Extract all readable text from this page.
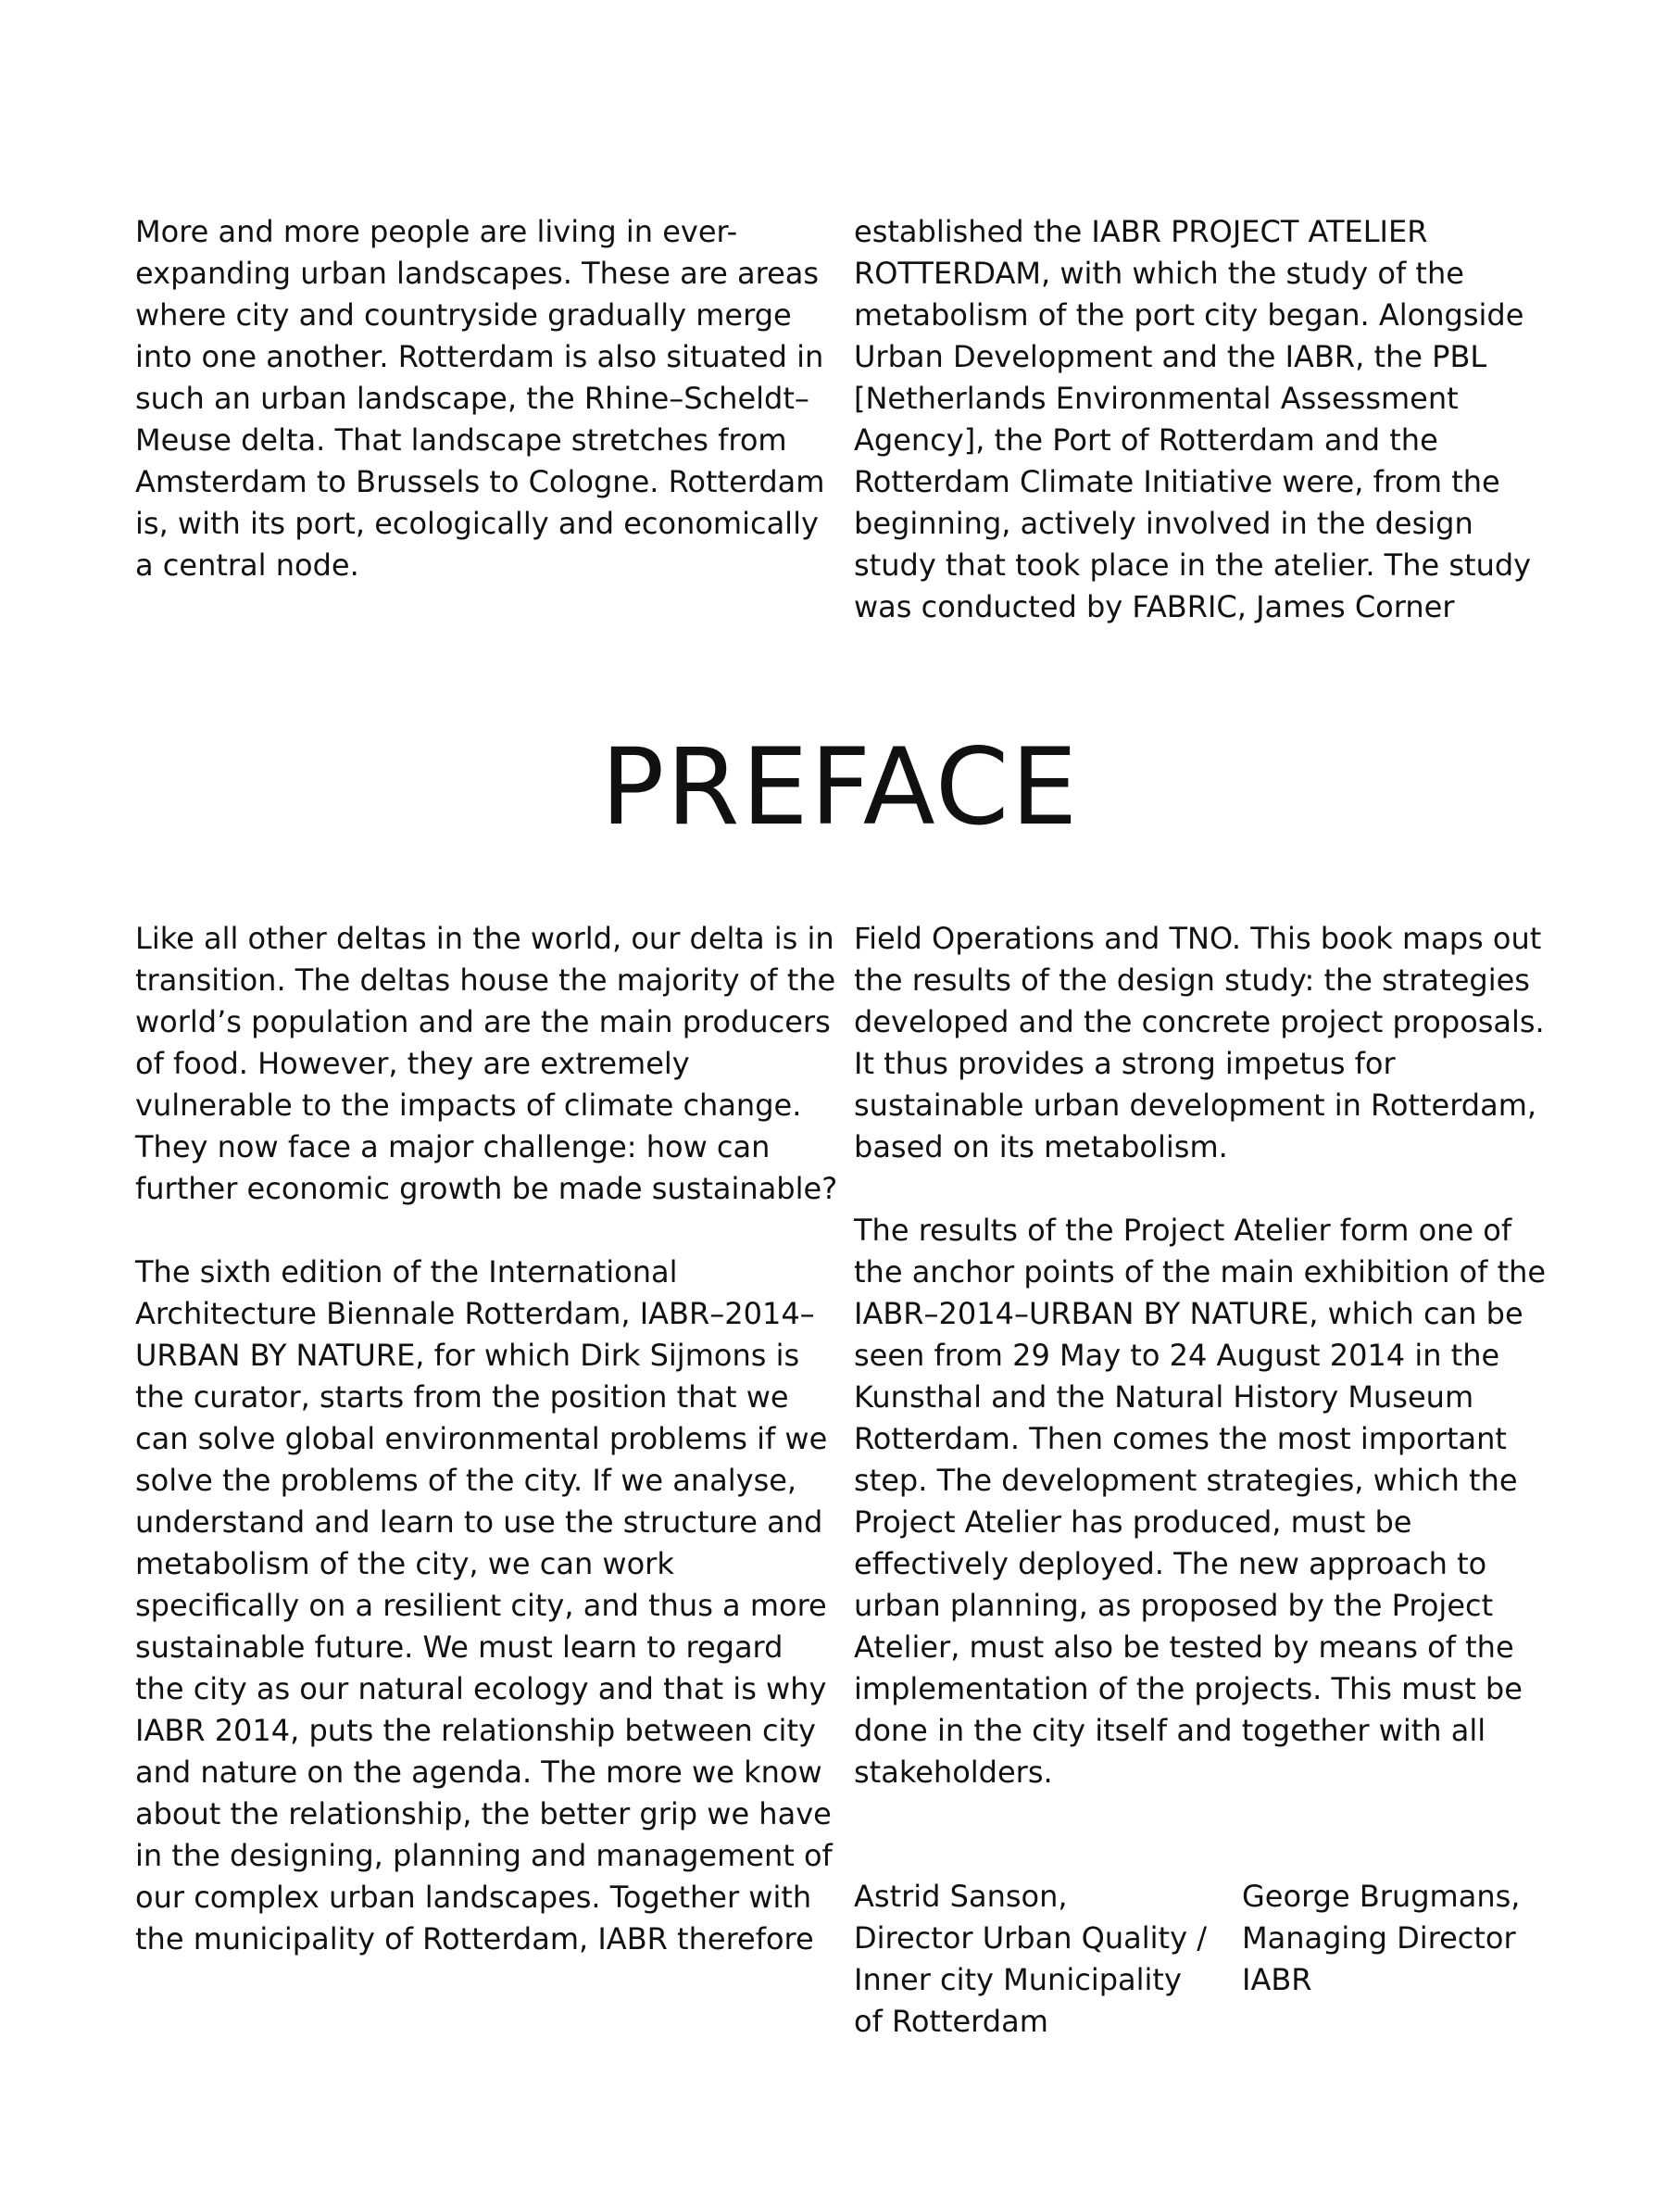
More and more people are living in ever-expanding urban landscapes. These are areas where city and countryside gradually merge into one another. Rotterdam is also situated in such an urban landscape, the Rhine–Scheldt–Meuse delta. That landscape stretches from Amsterdam to Brussels to Cologne. Rotterdam is, with its port, ecologically and economically a central node.

established the IABR PROJECT ATELIER ROTTERDAM, with which the study of the metabolism of the port city began. Alongside Urban Development and the IABR, the PBL [Netherlands Environmental Assessment Agency], the Port of Rotterdam and the Rotterdam Climate Initiative were, from the beginning, actively involved in the design study that took place in the atelier. The study was conducted by FABRIC, James Corner

PREFACE

Like all other deltas in the world, our delta is in transition. The deltas house the majority of the world’s population and are the main producers of food. However, they are extremely vulnerable to the impacts of climate change. They now face a major challenge: how can further economic growth be made sustainable?

The sixth edition of the International Architecture Biennale Rotterdam, IABR–2014–URBAN BY NATURE, for which Dirk Sijmons is the curator, starts from the position that we can solve global environmental problems if we solve the problems of the city. If we analyse, understand and learn to use the structure and metabolism of the city, we can work specifically on a resilient city, and thus a more sustainable future. We must learn to regard the city as our natural ecology and that is why IABR 2014, puts the relationship between city and nature on the agenda. The more we know about the relationship, the better grip we have in the designing, planning and management of our complex urban landscapes. Together with the municipality of Rotterdam, IABR therefore

Field Operations and TNO. This book maps out the results of the design study: the strategies developed and the concrete project proposals. It thus provides a strong impetus for sustainable urban development in Rotterdam, based on its metabolism.

The results of the Project Atelier form one of the anchor points of the main exhibition of the IABR–2014–URBAN BY NATURE, which can be seen from 29 May to 24 August 2014 in the Kunsthal and the Natural History Museum Rotterdam. Then comes the most important step. The development strategies, which the Project Atelier has produced, must be effectively deployed. The new approach to urban planning, as proposed by the Project Atelier, must also be tested by means of the implementation of the projects. This must be done in the city itself and together with all stakeholders.

Astrid Sanson,
Director Urban Quality /
Inner city Municipality
of Rotterdam
George Brugmans,
Managing Director
IABR
